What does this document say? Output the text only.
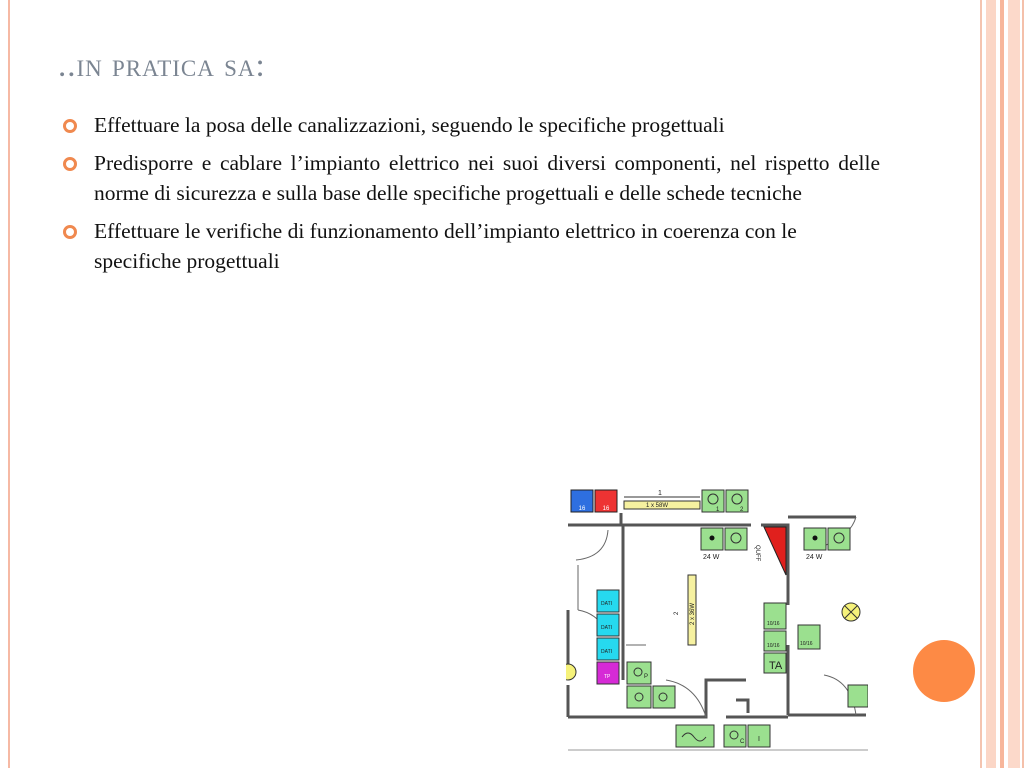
..in pratica sa:
Effettuare la posa delle canalizzazioni, seguendo le specifiche progettuali
Predisporre e cablare l’impianto elettrico nei suoi diversi componenti, nel rispetto delle norme di sicurezza e sulla base delle specifiche progettuali e delle schede tecniche
Effettuare le verifiche di funzionamento dell’impianto elettrico in coerenza con le specifiche progettuali
16	16
1
1 x 58W
1	2
24 W	QUFF	24 W
2 2 x 36W
DATI
DATI
DATI
TP	P
10/16
10/16
TA
10/16
C I
